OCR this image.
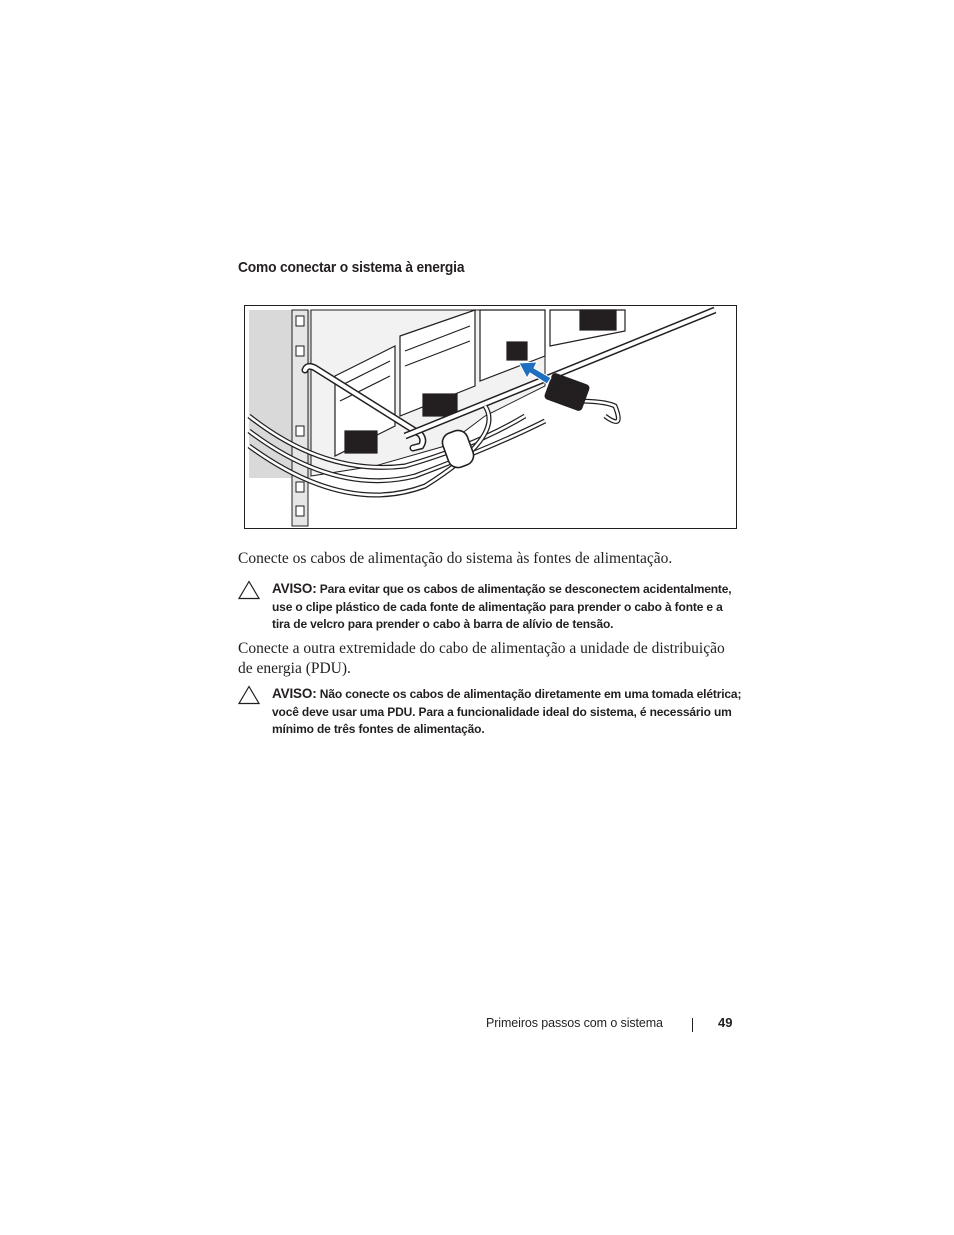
Como conectar o sistema à energia

Conecte os cabos de alimentação do sistema às fontes de alimentação.

AVISO: Para evitar que os cabos de alimentação se desconectem acidentalmente, use o clipe plástico de cada fonte de alimentação para prender o cabo à fonte e a tira de velcro para prender o cabo à barra de alívio de tensão.

Conecte a outra extremidade do cabo de alimentação a unidade de distribuição de energia (PDU).

AVISO: Não conecte os cabos de alimentação diretamente em uma tomada elétrica; você deve usar uma PDU. Para a funcionalidade ideal do sistema, é necessário um mínimo de três fontes de alimentação.
Primeiros passos com o sistema	49
